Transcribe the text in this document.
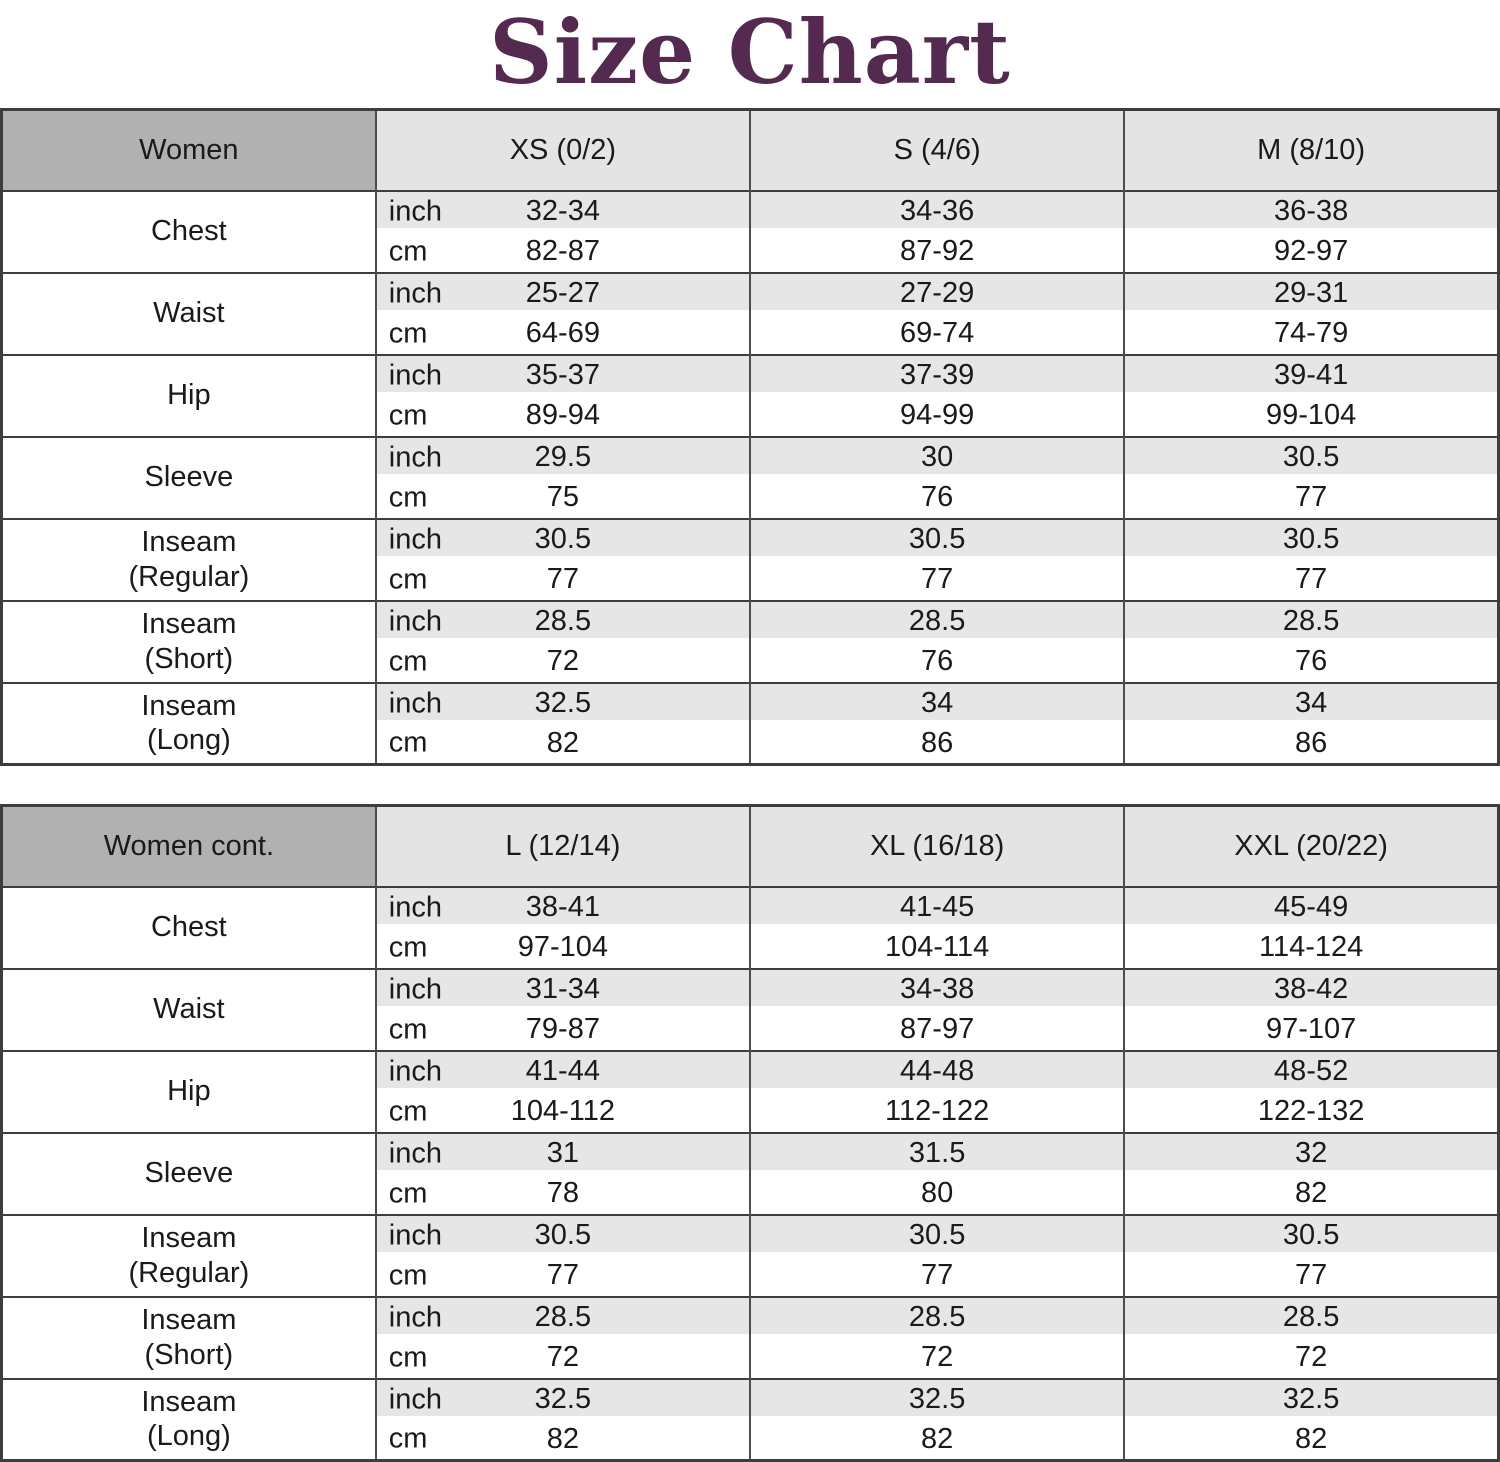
Size Chart
Women	XS (0/2)	S (4/6)	M (8/10)

Chest	inch 32-34	34-36	36-38

	cm 82-87	87-92	92-97

Waist	inch 25-27	27-29	29-31

	cm 64-69	69-74	74-79

Hip	inch 35-37	37-39	39-41

	cm 89-94	94-99	99-104

Sleeve	inch 29.5	30	30.5

	cm 75	76	77

Inseam
(Regular)	inch 30.5	30.5	30.5

	cm 77	77	77

Inseam
(Short)	inch 28.5	28.5	28.5

	cm 72	76	76

Inseam
(Long)	inch 32.5	34	34

	cm 82	86	86
Women cont.	L (12/14)	XL (16/18)	XXL (20/22)

Chest	inch 38-41	41-45	45-49

	cm 97-104	104-114	114-124

Waist	inch 31-34	34-38	38-42

	cm 79-87	87-97	97-107

Hip	inch 41-44	44-48	48-52

	cm 104-112	112-122	122-132

Sleeve	inch 31	31.5	32

	cm 78	80	82

Inseam
(Regular)	inch 30.5	30.5	30.5

	cm 77	77	77

Inseam
(Short)	inch 28.5	28.5	28.5

	cm 72	72	72

Inseam
(Long)	inch 32.5	32.5	32.5

	cm 82	82	82
